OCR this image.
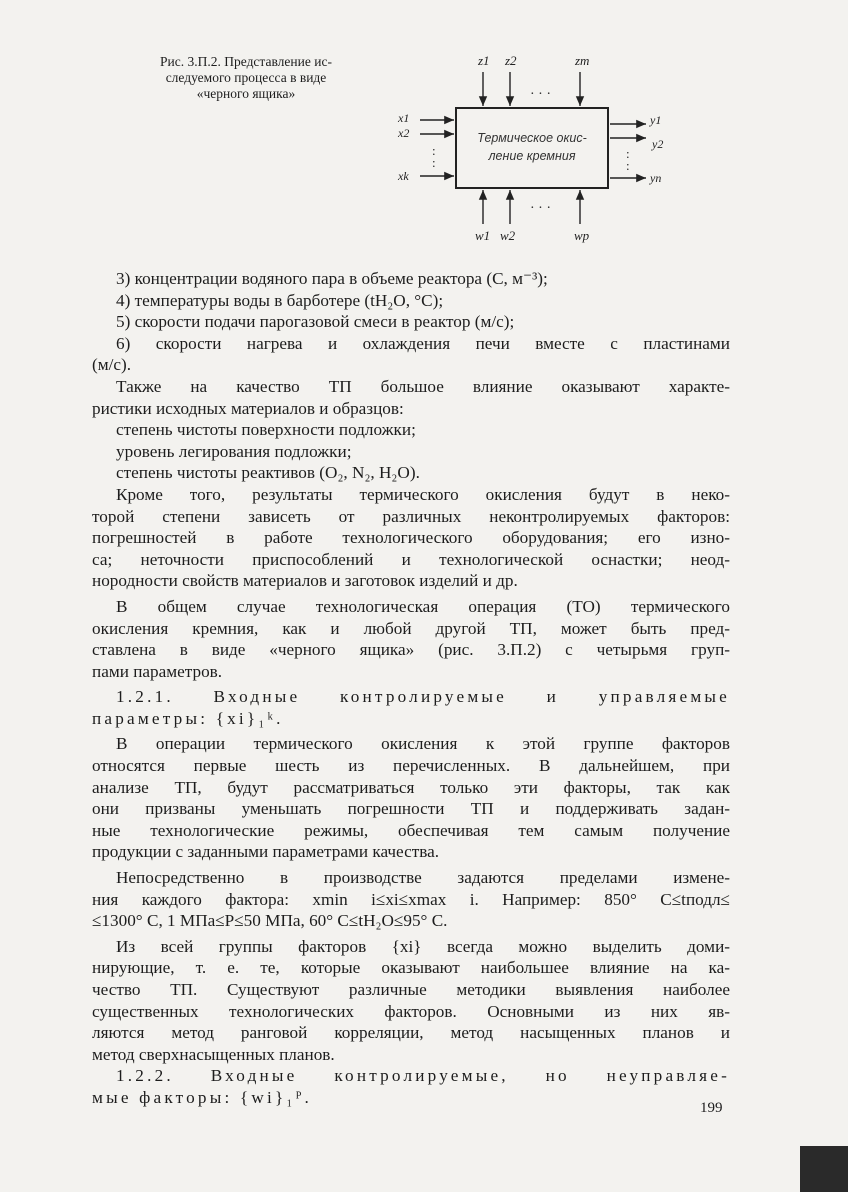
Рис. 3.П.2. Представление ис-
следуемого процесса в виде
«черного ящика»
Термическое окис-
ление кремния
z1 z2	zm
· · ·
x1
x2
xk
:
:
y1
y2
yn
:
:
w1 w2	wp
· · ·
3) концентрации водяного пара в объеме реактора (С, м⁻³);
4) температуры воды в барботере (tH₂O, °С);
5) скорости подачи парогазовой смеси в реактор (м/с);
6) скорости нагрева и охлаждения печи вместе с пластинами
(м/с).
Также на качество ТП большое влияние оказывают характе-
ристики исходных материалов и образцов:
степень чистоты поверхности подложки;
уровень легирования подложки;
степень чистоты реактивов (O₂, N₂, H₂O).
Кроме того, результаты термического окисления будут в неко-
торой степени зависеть от различных неконтролируемых факторов:
погрешностей в работе технологического оборудования; его изно-
са; неточности приспособлений и технологической оснастки; неод-
нородности свойств материалов и заготовок изделий и др.
В общем случае технологическая операция (ТО) термического
окисления кремния, как и любой другой ТП, может быть пред-
ставлена в виде «черного ящика» (рис. 3.П.2) с четырьмя груп-
пами параметров.
1.2.1. Входные контролируемые и управляемые
параметры: {xi}₁ᵏ.
В операции термического окисления к этой группе факторов
относятся первые шесть из перечисленных. В дальнейшем, при
анализе ТП, будут рассматриваться только эти факторы, так как
они призваны уменьшать погрешности ТП и поддерживать задан-
ные технологические режимы, обеспечивая тем самым получение
продукции с заданными параметрами качества.
Непосредственно в производстве задаются пределами измене-
ния каждого фактора: xmin i≤xi≤xmax i. Например: 850° С≤tподл≤
≤1300° С, 1 МПа≤P≤50 МПа, 60° С≤tH₂O≤95° С.
Из всей группы факторов {xi} всегда можно выделить доми-
нирующие, т. е. те, которые оказывают наибольшее влияние на ка-
чество ТП. Существуют различные методики выявления наиболее
существенных технологических факторов. Основными из них яв-
ляются метод ранговой корреляции, метод насыщенных планов и
метод сверхнасыщенных планов.
1.2.2. Входные контролируемые, но неуправляе-
мые факторы: {wi}₁ᴾ.
199
